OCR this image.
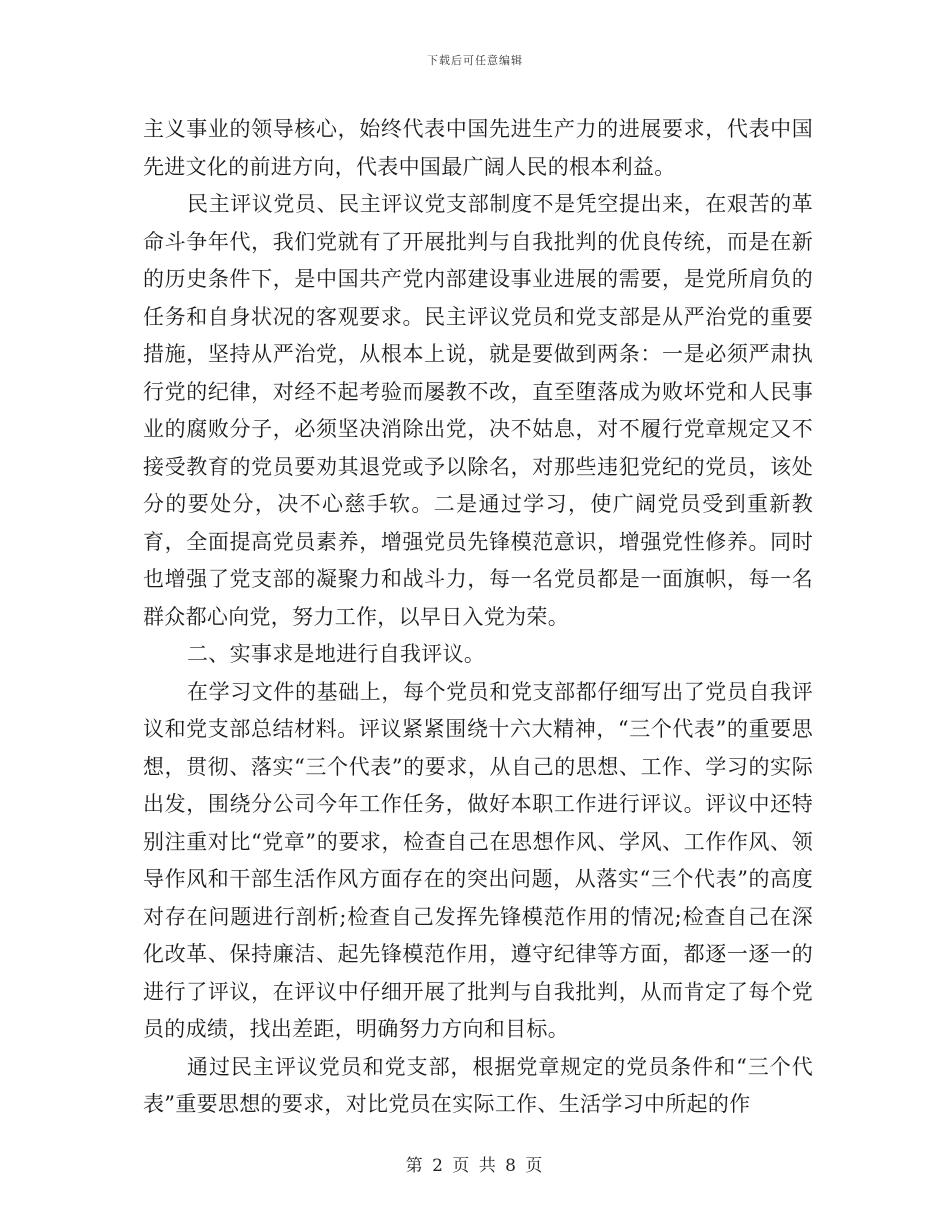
下载后可任意编辑

主义事业的领导核心，始终代表中国先进生产力的进展要求，代表中国先进文化的前进方向，代表中国最广阔人民的根本利益。

民主评议党员、民主评议党支部制度不是凭空提出来，在艰苦的革命斗争年代，我们党就有了开展批判与自我批判的优良传统，而是在新的历史条件下，是中国共产党内部建设事业进展的需要，是党所肩负的任务和自身状况的客观要求。民主评议党员和党支部是从严治党的重要措施，坚持从严治党，从根本上说，就是要做到两条：一是必须严肃执行党的纪律，对经不起考验而屡教不改，直至堕落成为败坏党和人民事业的腐败分子，必须坚决消除出党，决不姑息，对不履行党章规定又不接受教育的党员要劝其退党或予以除名，对那些违犯党纪的党员，该处分的要处分，决不心慈手软。二是通过学习，使广阔党员受到重新教育，全面提高党员素养，增强党员先锋模范意识，增强党性修养。同时也增强了党支部的凝聚力和战斗力，每一名党员都是一面旗帜，每一名群众都心向党，努力工作，以早日入党为荣。

二、实事求是地进行自我评议。

在学习文件的基础上，每个党员和党支部都仔细写出了党员自我评议和党支部总结材料。评议紧紧围绕十六大精神，“三个代表”的重要思想，贯彻、落实“三个代表”的要求，从自己的思想、工作、学习的实际出发，围绕分公司今年工作任务，做好本职工作进行评议。评议中还特别注重对比“党章”的要求，检查自己在思想作风、学风、工作作风、领导作风和干部生活作风方面存在的突出问题，从落实“三个代表”的高度对存在问题进行剖析;检查自己发挥先锋模范作用的情况;检查自己在深化改革、保持廉洁、起先锋模范作用，遵守纪律等方面，都逐一逐一的进行了评议，在评议中仔细开展了批判与自我批判，从而肯定了每个党员的成绩，找出差距，明确努力方向和目标。

通过民主评议党员和党支部，根据党章规定的党员条件和“三个代表”重要思想的要求，对比党员在实际工作、生活学习中所起的作

第 2 页 共 8 页
